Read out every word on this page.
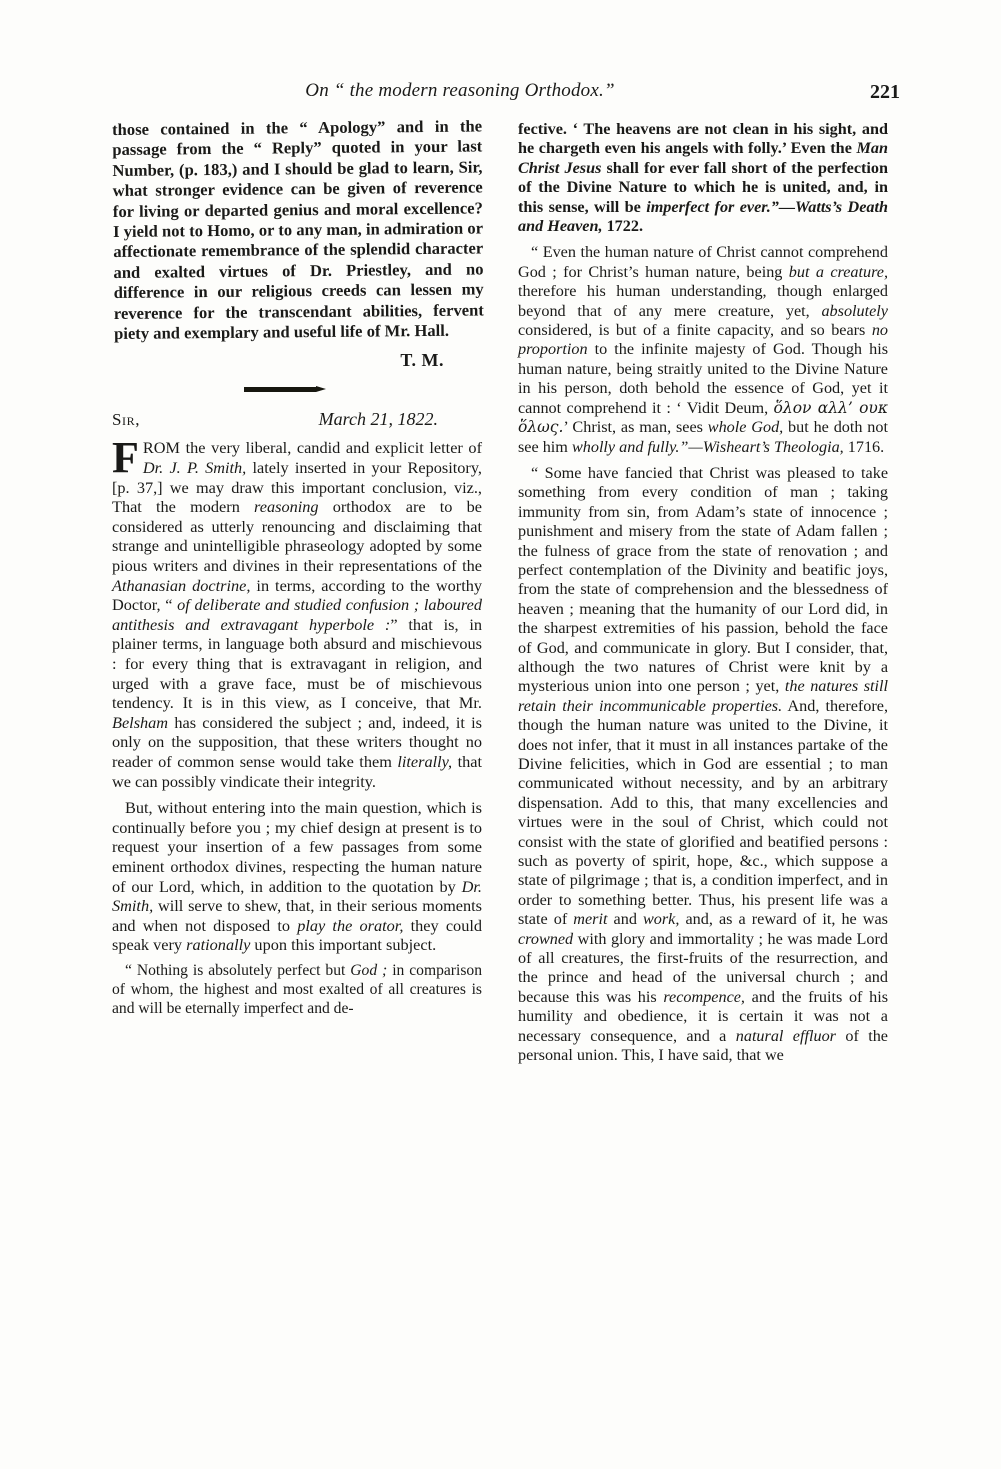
On “ the modern reasoning Orthodox.”	221

those contained in the “ Apology” and in the passage from the “ Reply” quoted in your last Number, (p. 183,) and I should be glad to learn, Sir, what stronger evidence can be given of reverence for living or departed genius and moral excellence? I yield not to Homo, or to any man, in admiration or affectionate remembrance of the splendid character and exalted virtues of Dr. Priestley, and no difference in our religious creeds can lessen my reverence for the transcendant abilities, fervent piety and exemplary and useful life of Mr. Hall.

T. M.
Sir,	March 21, 1822.

FROM the very liberal, candid and explicit letter of Dr. J. P. Smith, lately inserted in your Repository, [p. 37,] we may draw this important conclusion, viz., That the modern reasoning orthodox are to be considered as utterly renouncing and disclaiming that strange and unintelligible phraseology adopted by some pious writers and divines in their representations of the Athanasian doctrine, in terms, according to the worthy Doctor, “ of deliberate and studied confusion ; laboured antithesis and extravagant hyperbole :” that is, in plainer terms, in language both absurd and mischievous : for every thing that is extravagant in religion, and urged with a grave face, must be of mischievous tendency. It is in this view, as I conceive, that Mr. Belsham has considered the subject ; and, indeed, it is only on the supposition, that these writers thought no reader of common sense would take them literally, that we can possibly vindicate their integrity.

But, without entering into the main question, which is continually before you ; my chief design at present is to request your insertion of a few passages from some eminent orthodox divines, respecting the human nature of our Lord, which, in addition to the quotation by Dr. Smith, will serve to shew, that, in their serious moments and when not disposed to play the orator, they could speak very rationally upon this important subject.

“ Nothing is absolutely perfect but God ; in comparison of whom, the highest and most exalted of all creatures is and will be eternally imperfect and de-

fective. ‘ The heavens are not clean in his sight, and he chargeth even his angels with folly.’ Even the Man Christ Jesus shall for ever fall short of the perfection of the Divine Nature to which he is united, and, in this sense, will be imperfect for ever.”—Watts’s Death and Heaven, 1722.

“ Even the human nature of Christ cannot comprehend God ; for Christ’s human nature, being but a creature, therefore his human understanding, though enlarged beyond that of any mere creature, yet, absolutely considered, is but of a finite capacity, and so bears no proportion to the infinite majesty of God. Though his human nature, being straitly united to the Divine Nature in his person, doth behold the essence of God, yet it cannot comprehend it : ‘ Vidit Deum, ὅλον αλλ’ ουκ ὅλως.’ Christ, as man, sees whole God, but he doth not see him wholly and fully.”—Wisheart’s Theologia, 1716.

“ Some have fancied that Christ was pleased to take something from every condition of man ; taking immunity from sin, from Adam’s state of innocence ; punishment and misery from the state of Adam fallen ; the fulness of grace from the state of renovation ; and perfect contemplation of the Divinity and beatific joys, from the state of comprehension and the blessedness of heaven ; meaning that the humanity of our Lord did, in the sharpest extremities of his passion, behold the face of God, and communicate in glory. But I consider, that, although the two natures of Christ were knit by a mysterious union into one person ; yet, the natures still retain their incommunicable properties. And, therefore, though the human nature was united to the Divine, it does not infer, that it must in all instances partake of the Divine felicities, which in God are essential ; to man communicated without necessity, and by an arbitrary dispensation. Add to this, that many excellencies and virtues were in the soul of Christ, which could not consist with the state of glorified and beatified persons : such as poverty of spirit, hope, &c., which suppose a state of pilgrimage ; that is, a condition imperfect, and in order to something better. Thus, his present life was a state of merit and work, and, as a reward of it, he was crowned with glory and immortality ; he was made Lord of all creatures, the first-fruits of the resurrection, and the prince and head of the universal church ; and because this was his recompence, and the fruits of his humility and obedience, it is certain it was not a necessary consequence, and a natural effluor of the personal union. This, I have said, that we
